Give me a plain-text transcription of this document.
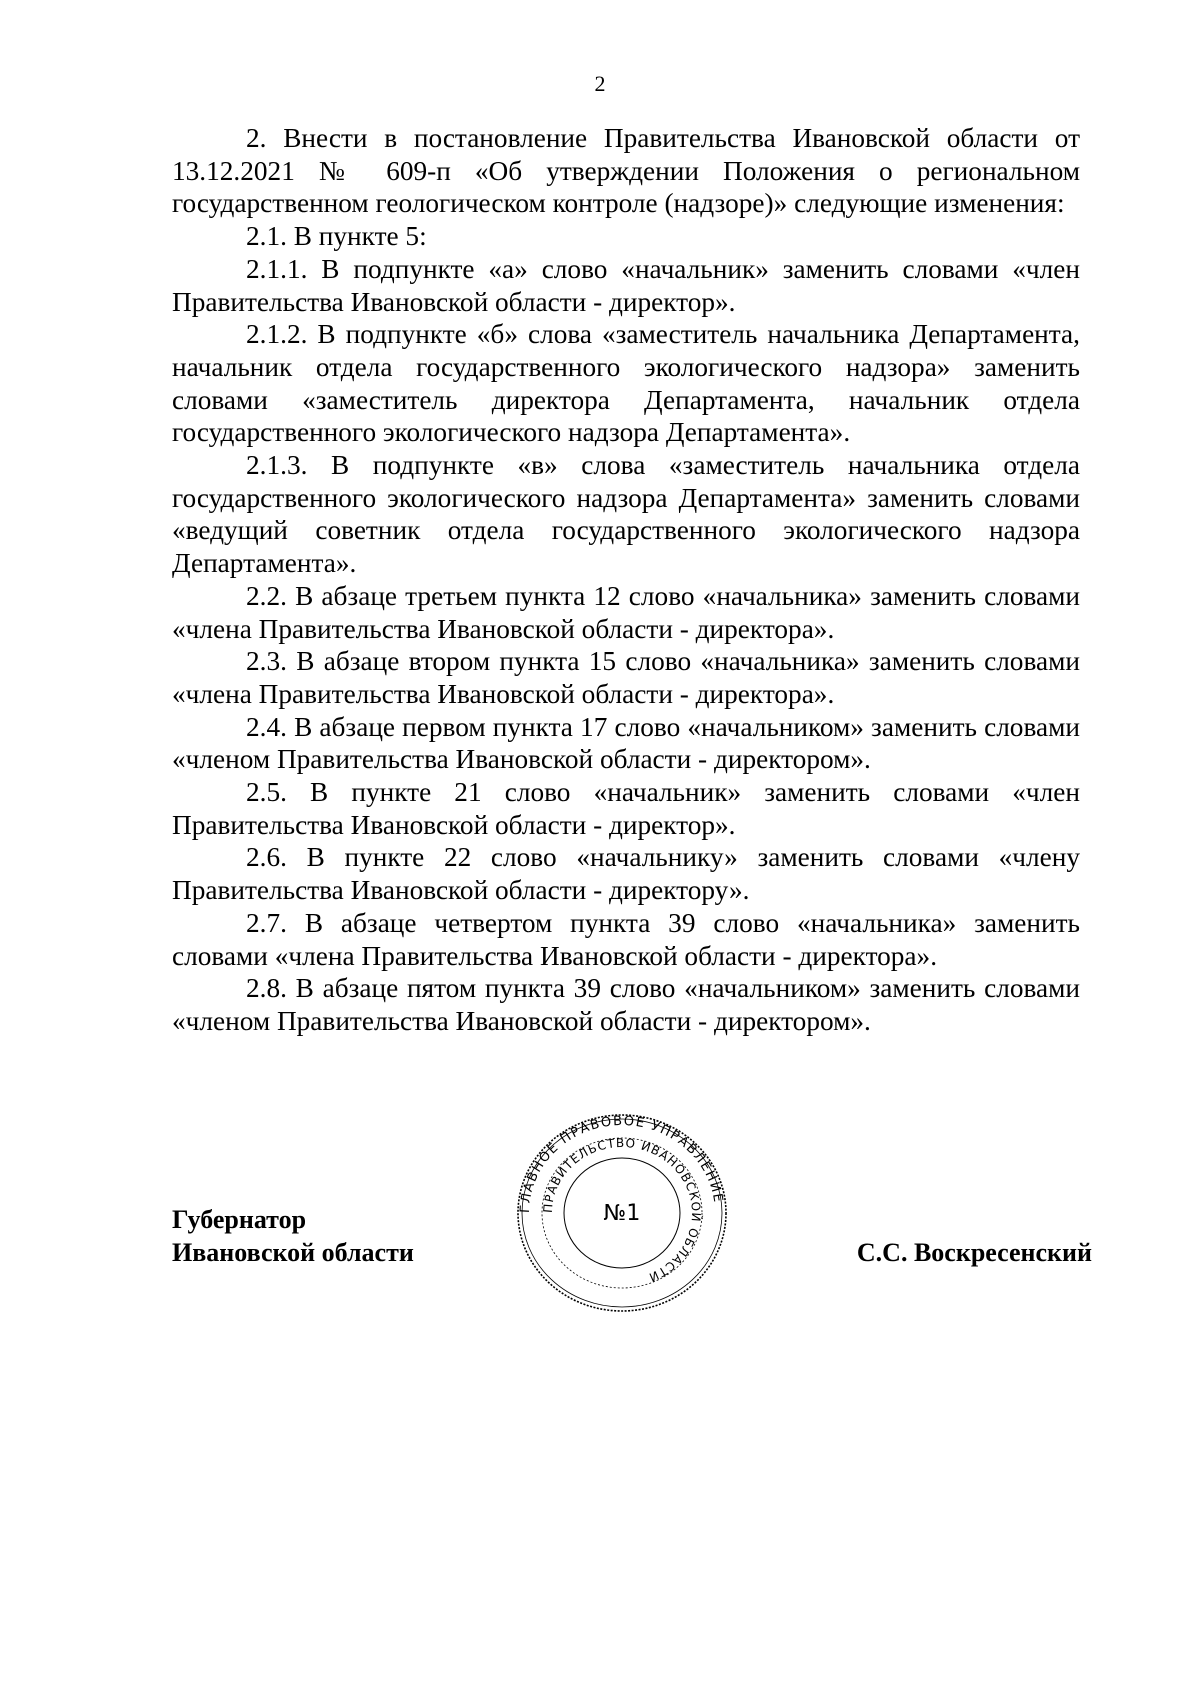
2

2. Внести в постановление Правительства Ивановской области от 13.12.2021 № 609-п «Об утверждении Положения о региональном государственном геологическом контроле (надзоре)» следующие изменения:

2.1. В пункте 5:

2.1.1. В подпункте «а» слово «начальник» заменить словами «член Правительства Ивановской области - директор».

2.1.2. В подпункте «б» слова «заместитель начальника Департамента, начальник отдела государственного экологического надзора» заменить словами «заместитель директора Департамента, начальник отдела государственного экологического надзора Департамента».

2.1.3. В подпункте «в» слова «заместитель начальника отдела государственного экологического надзора Департамента» заменить словами «ведущий советник отдела государственного экологического надзора Департамента».

2.2. В абзаце третьем пункта 12 слово «начальника» заменить словами «члена Правительства Ивановской области - директора».

2.3. В абзаце втором пункта 15 слово «начальника» заменить словами «члена Правительства Ивановской области - директора».

2.4. В абзаце первом пункта 17 слово «начальником» заменить словами «членом Правительства Ивановской области - директором».

2.5. В пункте 21 слово «начальник» заменить словами «член Правительства Ивановской области - директор».

2.6. В пункте 22 слово «начальнику» заменить словами «члену Правительства Ивановской области - директору».

2.7. В абзаце четвертом пункта 39 слово «начальника» заменить словами «члена Правительства Ивановской области - директора».

2.8. В абзаце пятом пункта 39 слово «начальником» заменить словами «членом Правительства Ивановской области - директором».

Губернатор
Ивановской области
ГЛАВНОЕ ПРАВОВОЕ УПРАВЛЕНИЕ
ПРАВИТЕЛЬСТВО ИВАНОВСКОЙ ОБЛАСТИ
№1
С.С. Воскресенский
